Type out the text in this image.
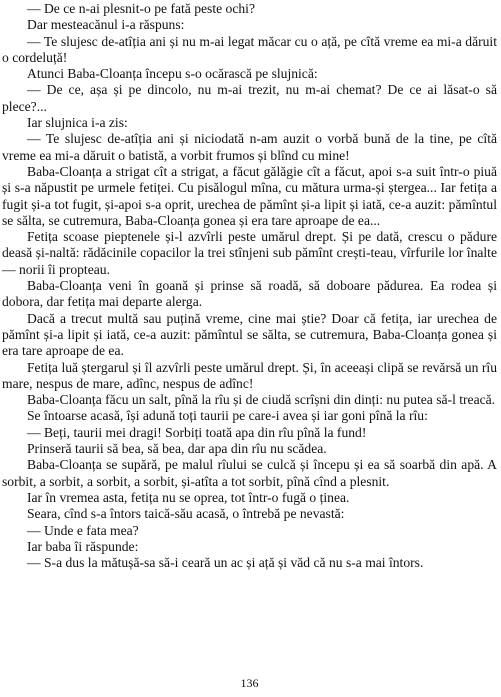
— De ce n-ai plesnit-o pe fată peste ochi?

Dar mesteacănul i-a răspuns:

— Te slujesc de-atîția ani și nu m-ai legat măcar cu o ață, pe cîtă vreme ea mi-a dăruit o cordeluță!

Atunci Baba-Cloanța începu s-o ocărască pe slujnică:

— De ce, așa și pe dincolo, nu m-ai trezit, nu m-ai chemat? De ce ai lăsat-o să plece?...

Iar slujnica i-a zis:

— Te slujesc de-atîția ani și niciodată n-am auzit o vorbă bună de la tine, pe cîtă vreme ea mi-a dăruit o batistă, a vorbit frumos și blînd cu mine!

Baba-Cloanța a strigat cît a strigat, a făcut gălăgie cît a făcut, apoi s-a suit într-o piuă și s-a năpustit pe urmele fetiței. Cu pisălogul mîna, cu mătura urma-și ștergea... Iar fetița a fugit și-a tot fugit, și-apoi s-a oprit, urechea de pămînt și-a lipit și iată, ce-a auzit: pămîntul se sălta, se cutremura, Baba-Cloanța gonea și era tare aproape de ea...

Fetița scoase pieptenele și-l azvîrli peste umărul drept. Și pe dată, crescu o pădure deasă și-naltă: rădăcinile copacilor la trei stînjeni sub pămînt crești-teau, vîrfurile lor înalte — norii îi propteau.

Baba-Cloanța veni în goană și prinse să roadă, să doboare pădurea. Ea rodea și dobora, dar fetița mai departe alerga.

Dacă a trecut multă sau puțină vreme, cine mai știe? Doar că fetița, iar urechea de pămînt și-a lipit și iată, ce-a auzit: pămîntul se sălta, se cutremura, Baba-Cloanța gonea și era tare aproape de ea.

Fetița luă ștergarul și îl azvîrli peste umărul drept. Și, în aceeași clipă se revărsă un rîu mare, nespus de mare, adînc, nespus de adînc!

Baba-Cloanța făcu un salt, pînă la rîu și de ciudă scrîșni din dinți: nu putea să-l treacă.

Se întoarse acasă, își adună toți taurii pe care-i avea și iar goni pînă la rîu:

— Beți, taurii mei dragi! Sorbiți toată apa din rîu pînă la fund!

Prinseră taurii să bea, să bea, dar apa din rîu nu scădea.

Baba-Cloanța se supără, pe malul rîului se culcă și începu și ea să soarbă din apă. A sorbit, a sorbit, a sorbit, a sorbit, și-atîta a tot sorbit, pînă cînd a plesnit.

Iar în vremea asta, fetița nu se oprea, tot într-o fugă o ținea.

Seara, cînd s-a întors taică-său acasă, o întrebă pe nevastă:

— Unde e fata mea?

Iar baba îi răspunde:

— S-a dus la mătușă-sa să-i ceară un ac și ață și văd că nu s-a mai întors.

136
